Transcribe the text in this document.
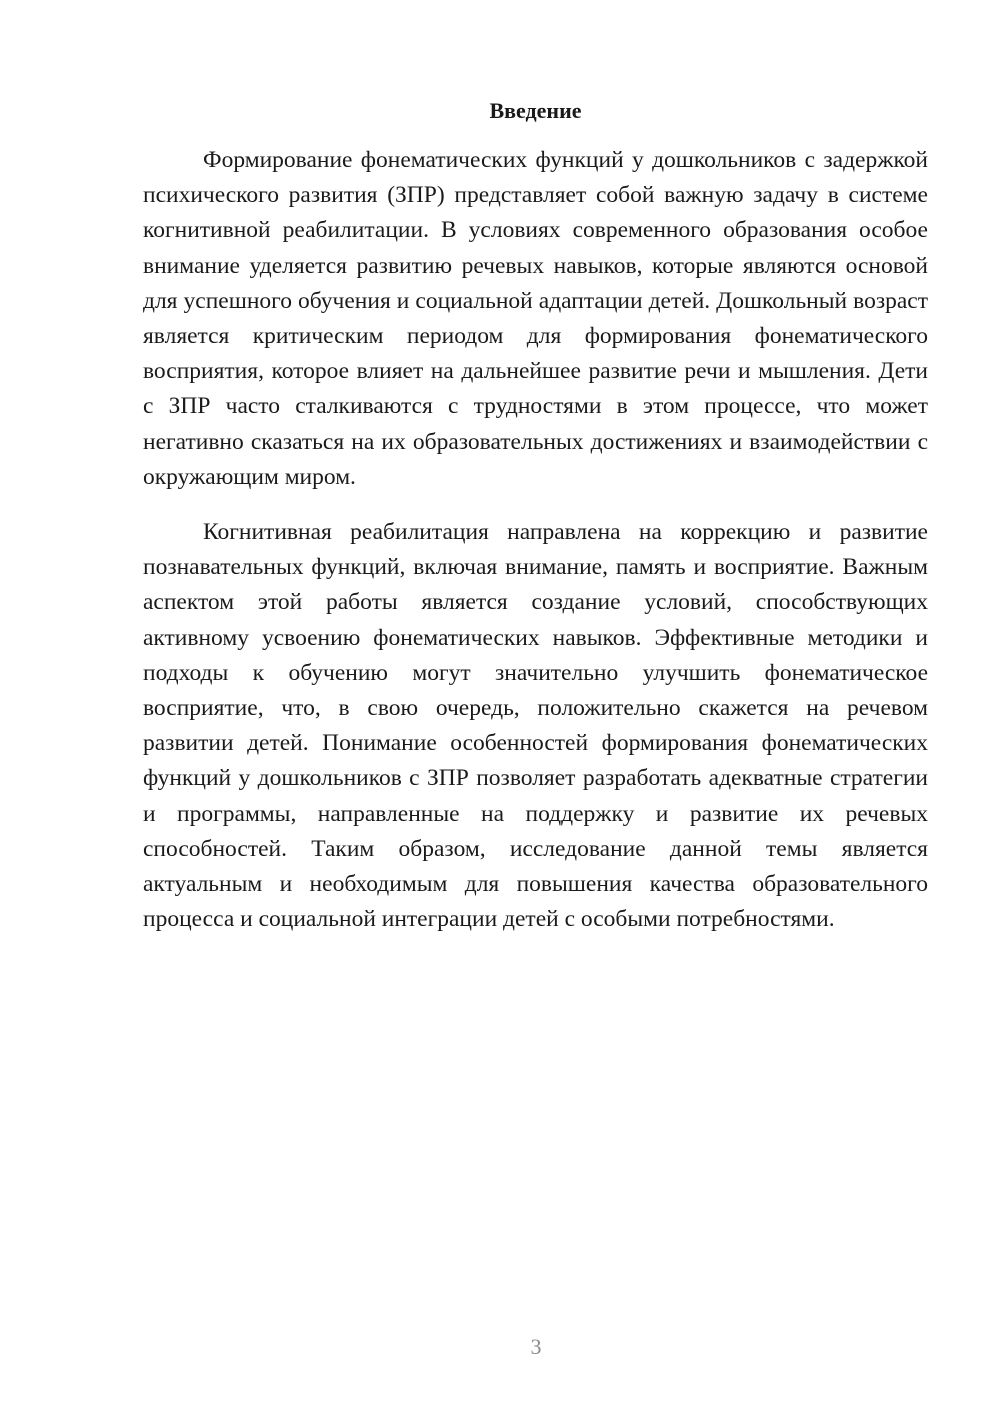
Введение

Формирование фонематических функций у дошкольников с задержкой психического развития (ЗПР) представляет собой важную задачу в системе когнитивной реабилитации. В условиях современного образования особое внимание уделяется развитию речевых навыков, которые являются основой для успешного обучения и социальной адаптации детей. Дошкольный возраст является критическим периодом для формирования фонематического восприятия, которое влияет на дальнейшее развитие речи и мышления. Дети с ЗПР часто сталкиваются с трудностями в этом процессе, что может негативно сказаться на их образовательных достижениях и взаимодействии с окружающим миром.

Когнитивная реабилитация направлена на коррекцию и развитие познавательных функций, включая внимание, память и восприятие. Важным аспектом этой работы является создание условий, способствующих активному усвоению фонематических навыков. Эффективные методики и подходы к обучению могут значительно улучшить фонематическое восприятие, что, в свою очередь, положительно скажется на речевом развитии детей. Понимание особенностей формирования фонематических функций у дошкольников с ЗПР позволяет разработать адекватные стратегии и программы, направленные на поддержку и развитие их речевых способностей. Таким образом, исследование данной темы является актуальным и необходимым для повышения качества образовательного процесса и социальной интеграции детей с особыми потребностями.

3
